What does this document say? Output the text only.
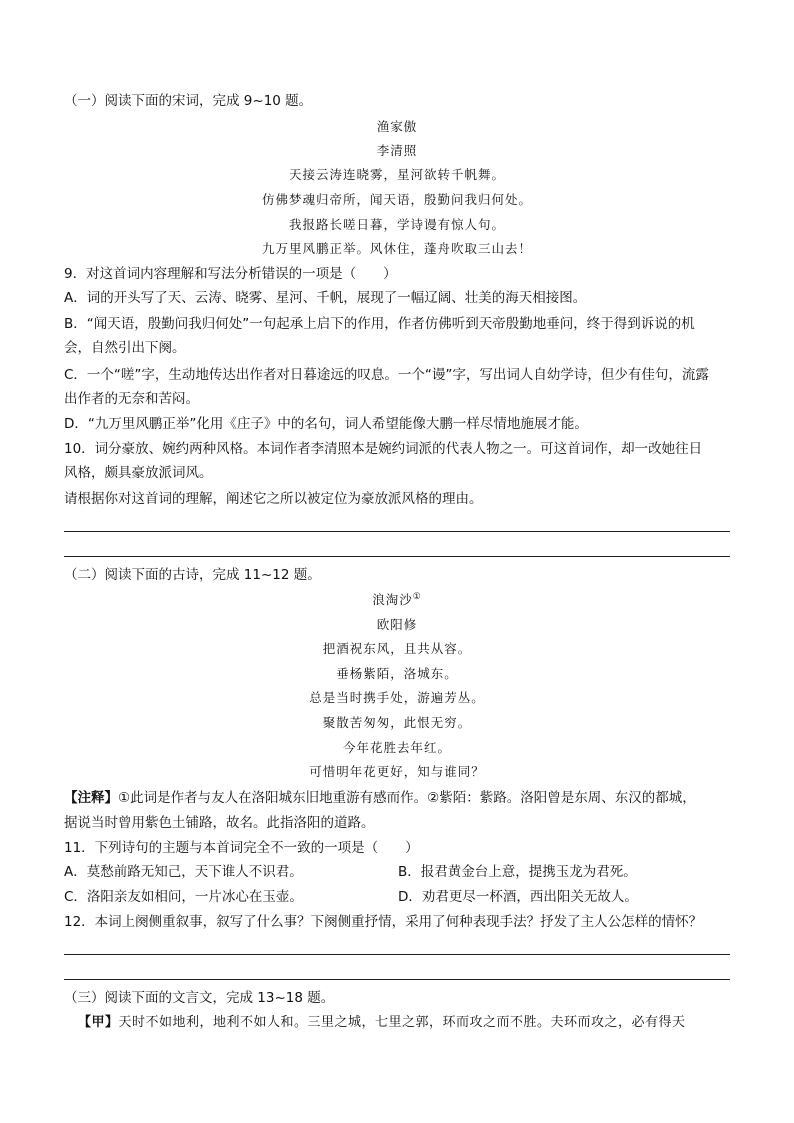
（一）阅读下面的宋词，完成 9~10 题。
渔家傲
李清照
天接云涛连晓雾，星河欲转千帆舞。
仿佛梦魂归帝所，闻天语，殷勤问我归何处。
我报路长嗟日暮，学诗谩有惊人句。
九万里风鹏正举。风休住，蓬舟吹取三山去！
9．对这首词内容理解和写法分析错误的一项是（　　）
A．词的开头写了天、云涛、晓雾、星河、千帆，展现了一幅辽阔、壮美的海天相接图。
B．“闻天语，殷勤问我归何处”一句起承上启下的作用，作者仿佛听到天帝殷勤地垂问，终于得到诉说的机
会，自然引出下阕。
C．一个“嗟”字，生动地传达出作者对日暮途远的叹息。一个“谩”字，写出词人自幼学诗，但少有佳句，流露
出作者的无奈和苦闷。
D．“九万里风鹏正举”化用《庄子》中的名句，词人希望能像大鹏一样尽情地施展才能。
10．词分豪放、婉约两种风格。本词作者李清照本是婉约词派的代表人物之一。可这首词作，却一改她往日
风格，颇具豪放派词风。
请根据你对这首词的理解，阐述它之所以被定位为豪放派风格的理由。
（二）阅读下面的古诗，完成 11~12 题。
浪淘沙①
欧阳修
把酒祝东风，且共从容。
垂杨紫陌，洛城东。
总是当时携手处，游遍芳丛。
聚散苦匆匆，此恨无穷。
今年花胜去年红。
可惜明年花更好，知与谁同？
【注释】①此词是作者与友人在洛阳城东旧地重游有感而作。②紫陌：紫路。洛阳曾是东周、东汉的都城，
据说当时曾用紫色土铺路，故名。此指洛阳的道路。
11．下列诗句的主题与本首词完全不一致的一项是（　　）
A．莫愁前路无知己，天下谁人不识君。	B．报君黄金台上意，提携玉龙为君死。
C．洛阳亲友如相问，一片冰心在玉壶。	D．劝君更尽一杯酒，西出阳关无故人。
12．本词上阕侧重叙事，叙写了什么事？下阕侧重抒情，采用了何种表现手法？抒发了主人公怎样的情怀？
（三）阅读下面的文言文，完成 13~18 题。
【甲】天时不如地利，地利不如人和。三里之城，七里之郭，环而攻之而不胜。夫环而攻之，必有得天
